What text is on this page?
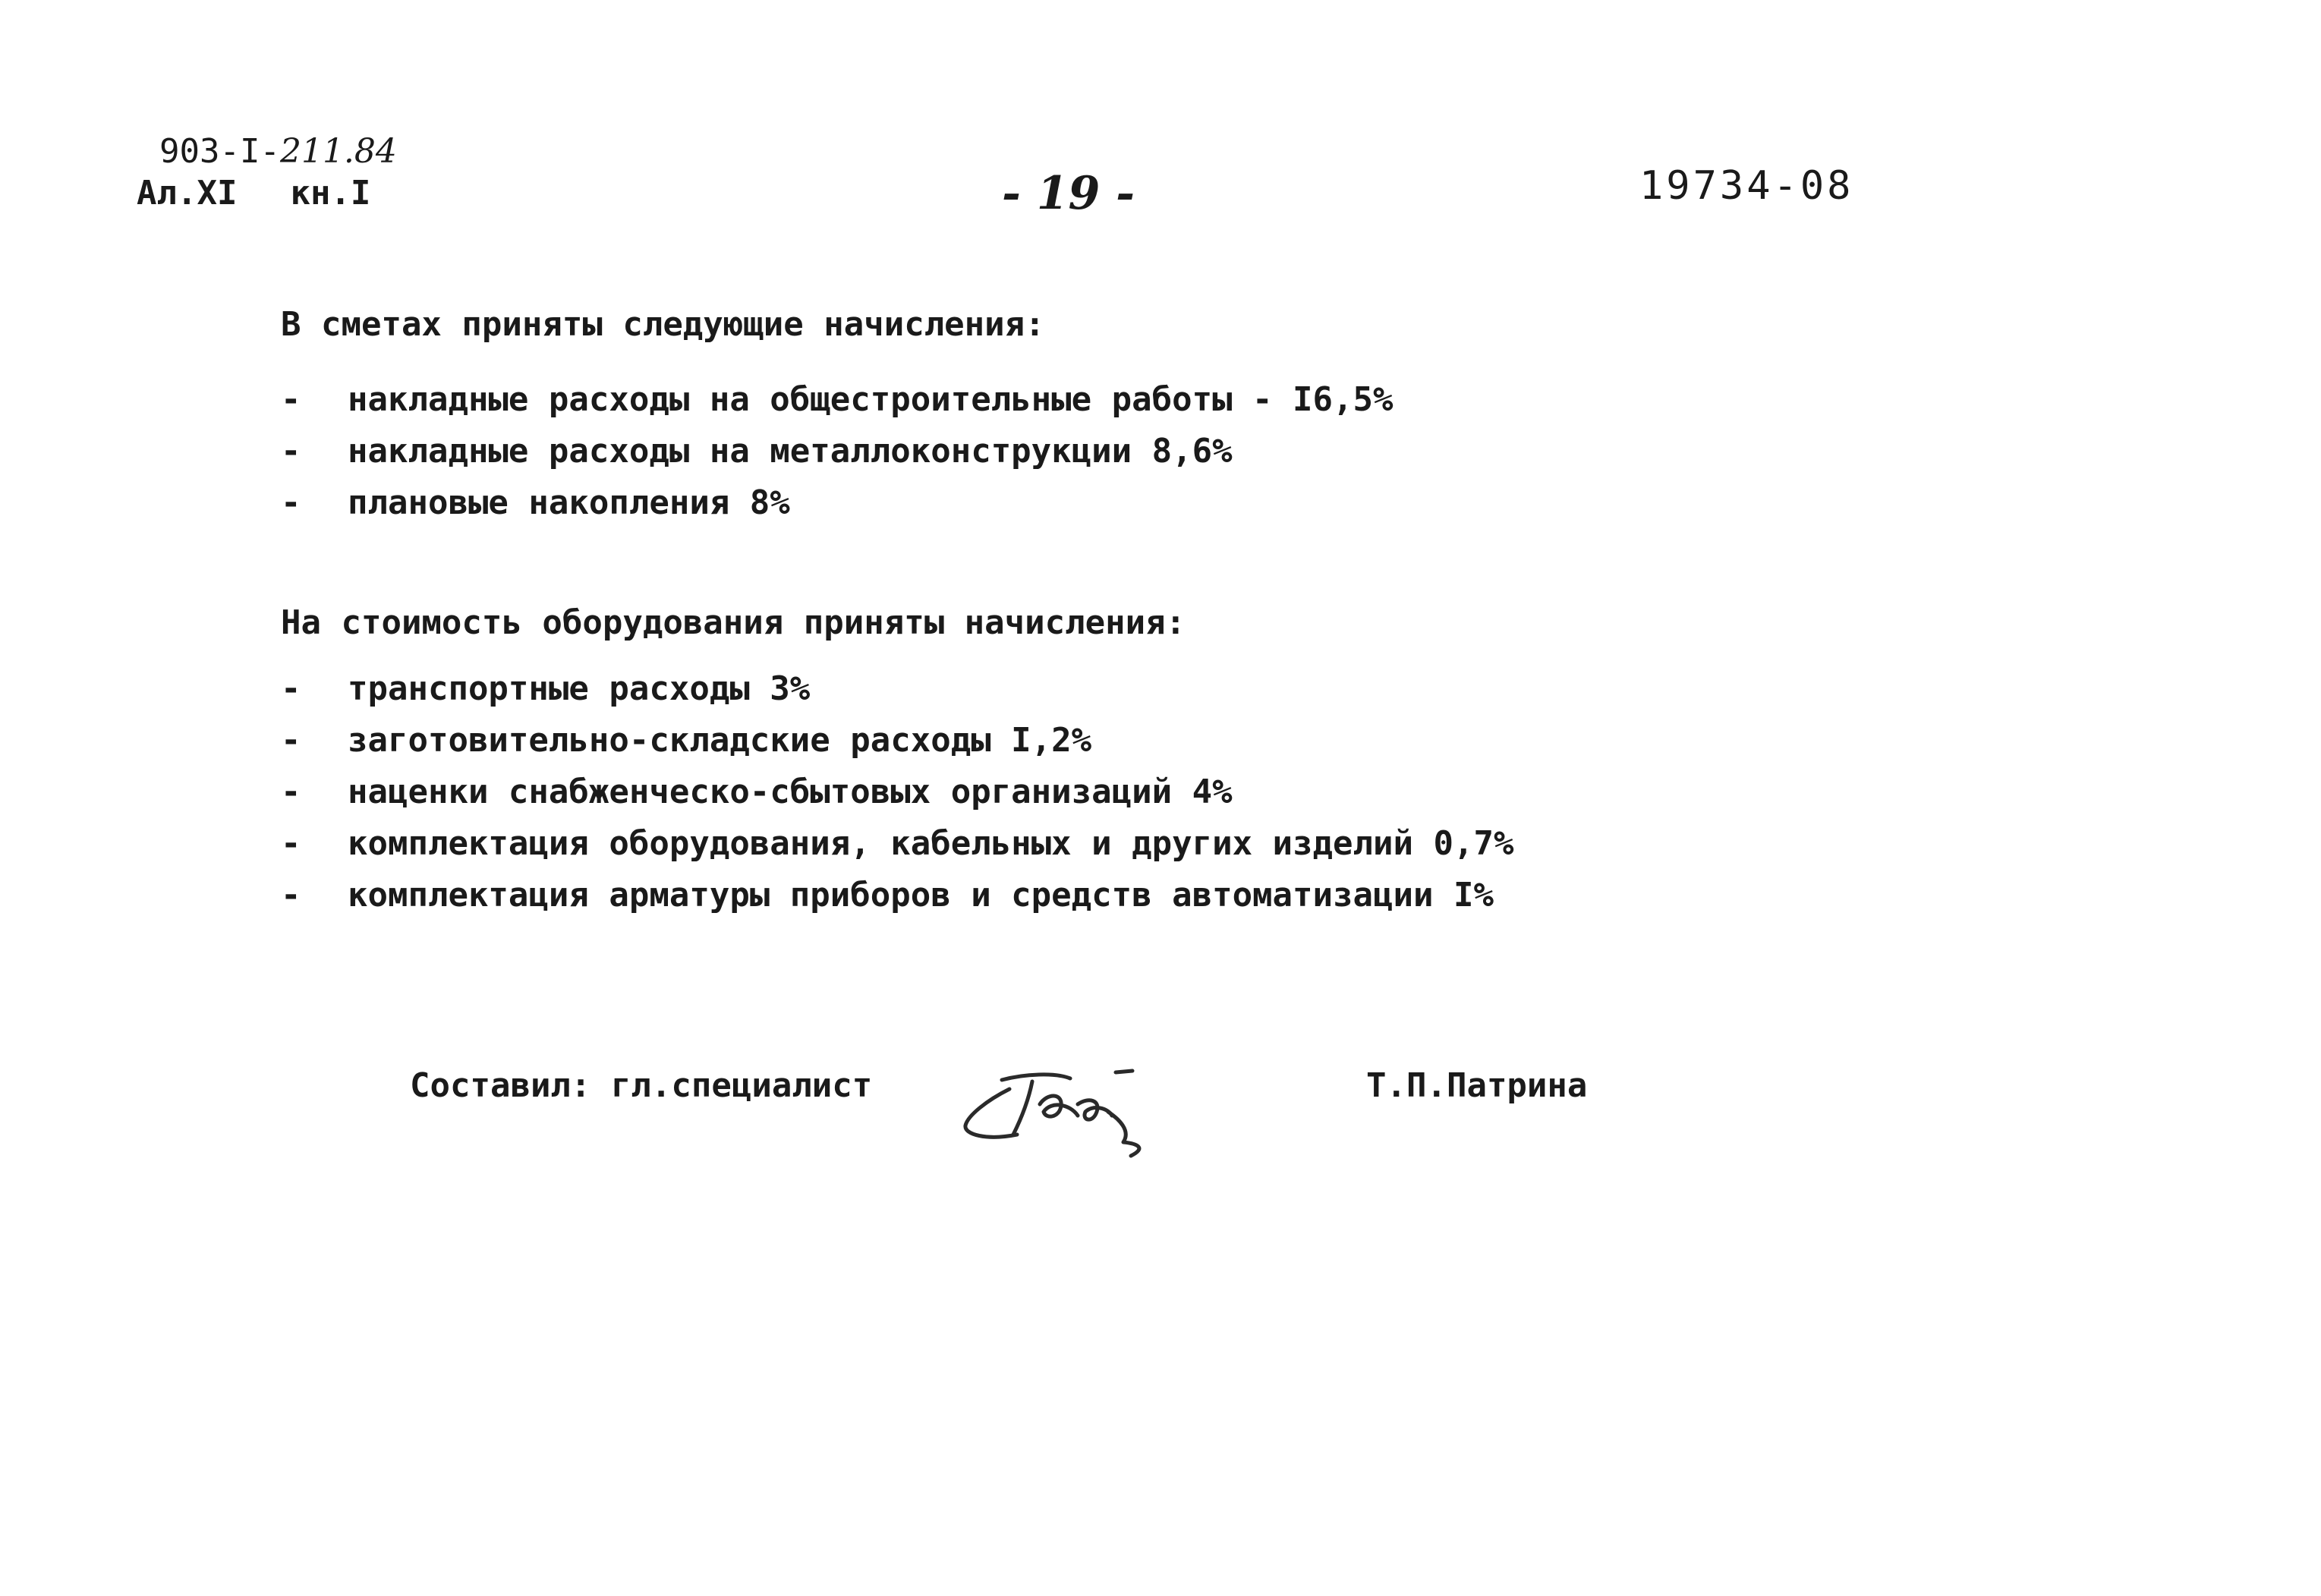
903-I-211.84
Ал.XI кн.I	- 19 -	19734-08
В сметах приняты следующие начисления:
-	накладные расходы на общестроительные работы - I6,5%
-	накладные расходы на металлоконструкции 8,6%
-	плановые накопления 8%
На стоимость оборудования приняты начисления:
-	транспортные расходы 3%
-	заготовительно-складские расходы I,2%
-	наценки снабженческо-сбытовых организаций 4%
-	комплектация оборудования, кабельных и других изделий 0,7%
-	комплектация арматуры приборов и средств автоматизации I%
Составил: гл.специалист	Т.П.Патрина
